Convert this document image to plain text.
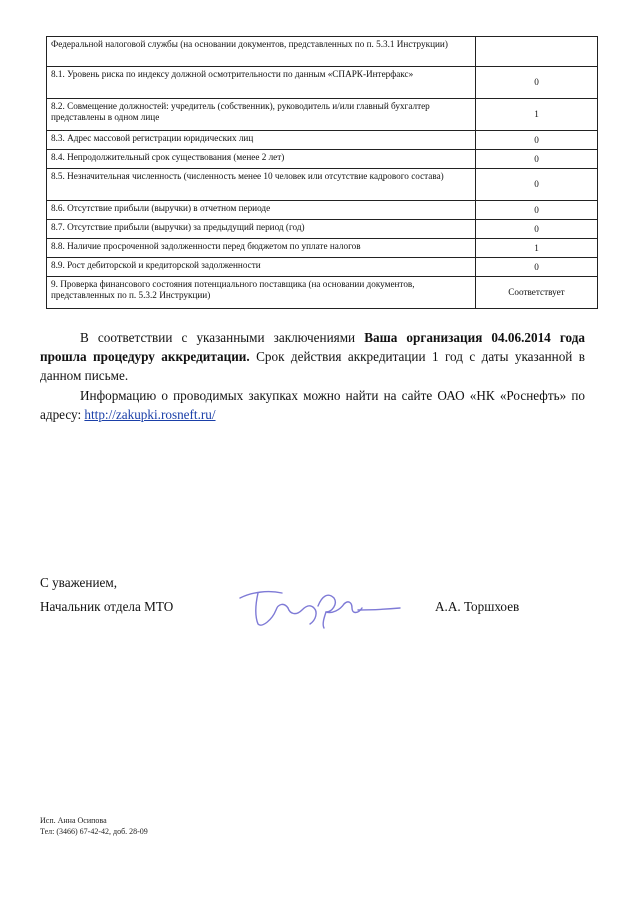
Федеральной налоговой службы (на основании документов, представленных по п. 5.3.1 Инструкции)	
8.1. Уровень риска по индексу должной осмотрительности по данным «СПАРК-Интерфакс»	0
8.2. Совмещение должностей: учредитель (собственник), руководитель и/или главный бухгалтер представлены в одном лице	1
8.3. Адрес массовой регистрации юридических лиц	0
8.4. Непродолжительный срок существования (менее 2 лет)	0
8.5. Незначительная численность (численность менее 10 человек или отсутствие кадрового состава)	0
8.6. Отсутствие прибыли (выручки) в отчетном периоде	0
8.7. Отсутствие прибыли (выручки) за предыдущий период (год)	0
8.8. Наличие просроченной задолженности перед бюджетом по уплате налогов	1
8.9. Рост дебиторской и кредиторской задолженности	0
9. Проверка финансового состояния потенциального поставщика (на основании документов, представленных по п. 5.3.2 Инструкции)	Соответствует
В соответствии с указанными заключениями Ваша организация 04.06.2014 года прошла процедуру аккредитации. Срок действия аккредитации 1 год с даты указанной в данном письме.
Информацию о проводимых закупках можно найти на сайте ОАО «НК «Роснефть» по адресу: http://zakupki.rosneft.ru/
С уважением,
Начальник отдела МТО	А.А. Торшхоев
Исп. Анна Осипова
Тел: (3466) 67-42-42, доб. 28-09
